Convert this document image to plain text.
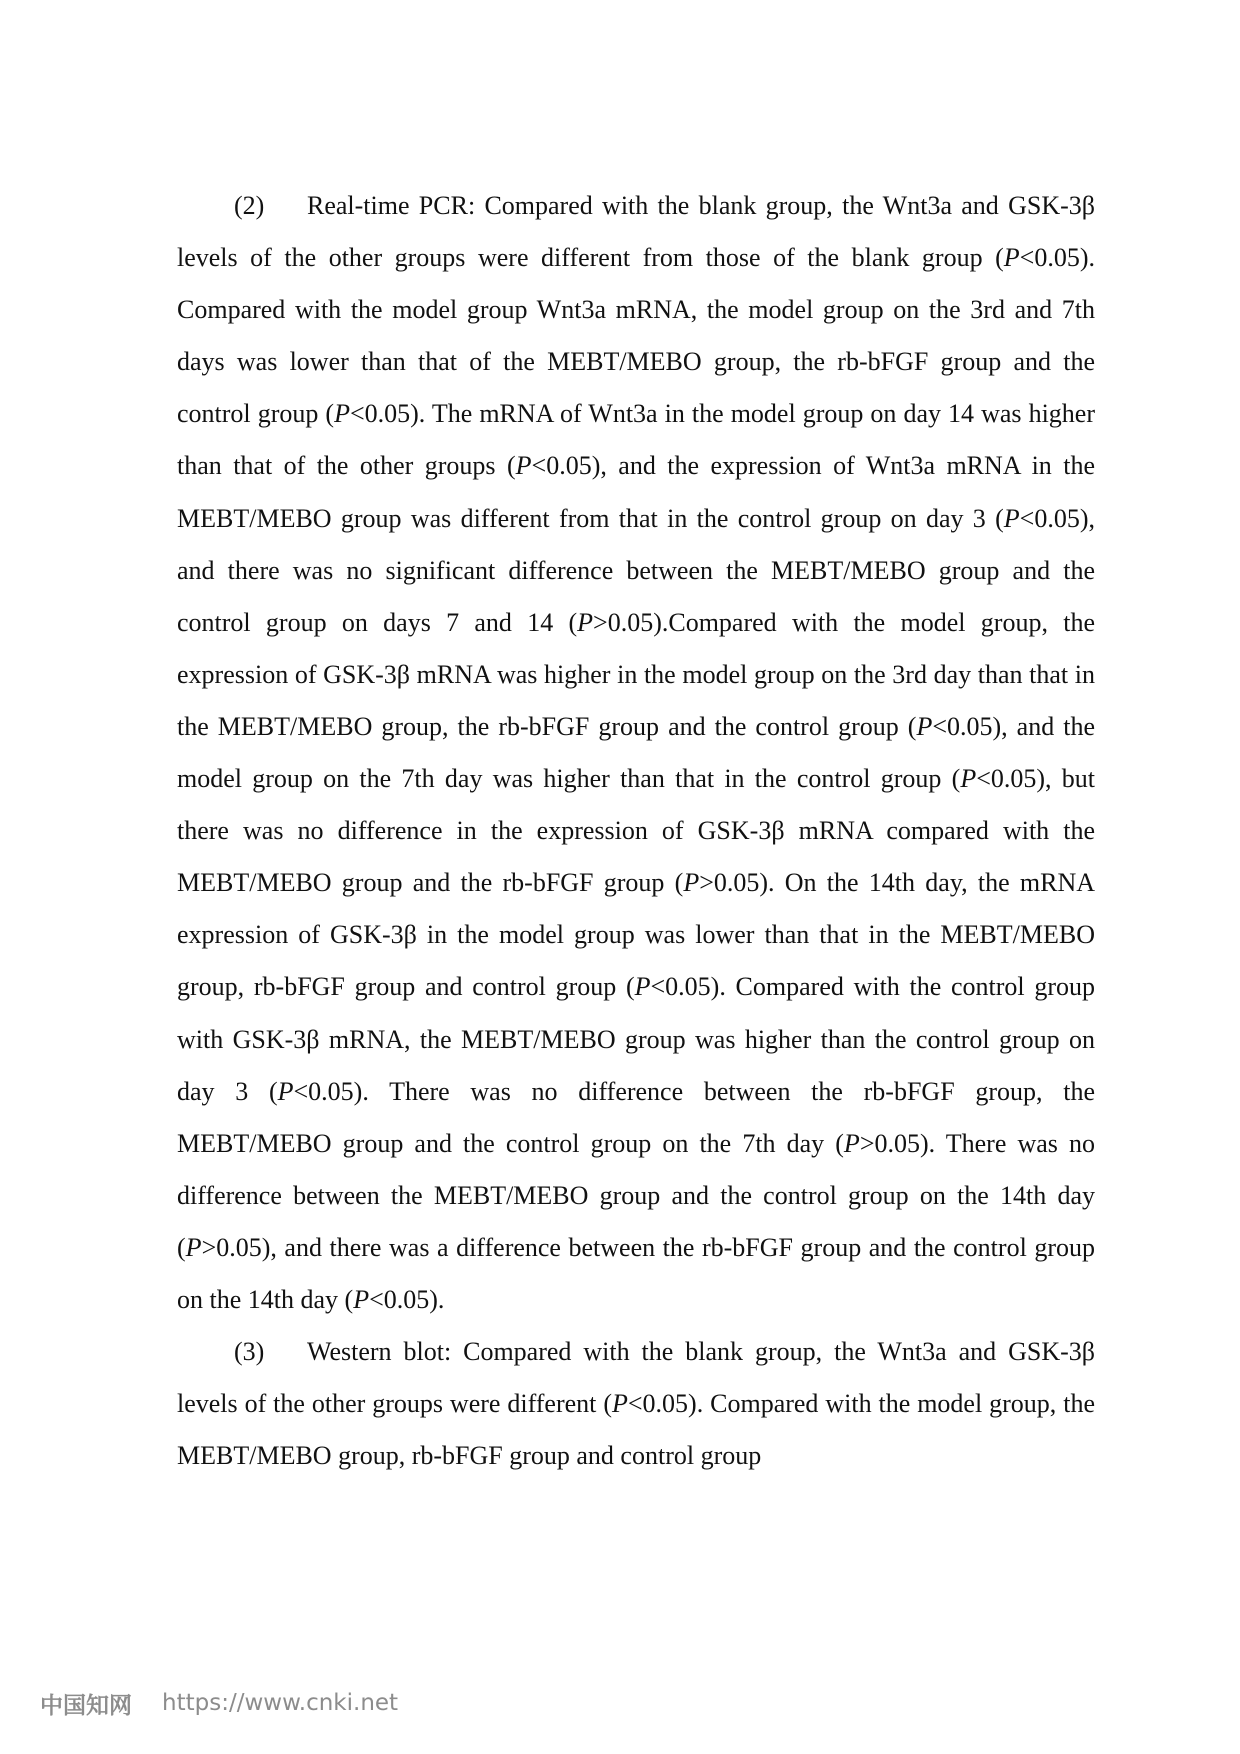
(2) Real-time PCR: Compared with the blank group, the Wnt3a and GSK-3β levels of the other groups were different from those of the blank group (P<0.05). Compared with the model group Wnt3a mRNA, the model group on the 3rd and 7th days was lower than that of the MEBT/MEBO group, the rb-bFGF group and the control group (P<0.05). The mRNA of Wnt3a in the model group on day 14 was higher than that of the other groups (P<0.05), and the expression of Wnt3a mRNA in the MEBT/MEBO group was different from that in the control group on day 3 (P<0.05), and there was no significant difference between the MEBT/MEBO group and the control group on days 7 and 14 (P>0.05).Compared with the model group, the expression of GSK-3β mRNA was higher in the model group on the 3rd day than that in the MEBT/MEBO group, the rb-bFGF group and the control group (P<0.05), and the model group on the 7th day was higher than that in the control group (P<0.05), but there was no difference in the expression of GSK-3β mRNA compared with the MEBT/MEBO group and the rb-bFGF group (P>0.05). On the 14th day, the mRNA expression of GSK-3β in the model group was lower than that in the MEBT/MEBO group, rb-bFGF group and control group (P<0.05). Compared with the control group with GSK-3β mRNA, the MEBT/MEBO group was higher than the control group on day 3 (P<0.05). There was no difference between the rb-bFGF group, the MEBT/MEBO group and the control group on the 7th day (P>0.05). There was no difference between the MEBT/MEBO group and the control group on the 14th day (P>0.05), and there was a difference between the rb-bFGF group and the control group on the 14th day (P<0.05).

(3) Western blot: Compared with the blank group, the Wnt3a and GSK-3β levels of the other groups were different (P<0.05). Compared with the model group, the MEBT/MEBO group, rb-bFGF group and control group

中国知网 https://www.cnki.net
